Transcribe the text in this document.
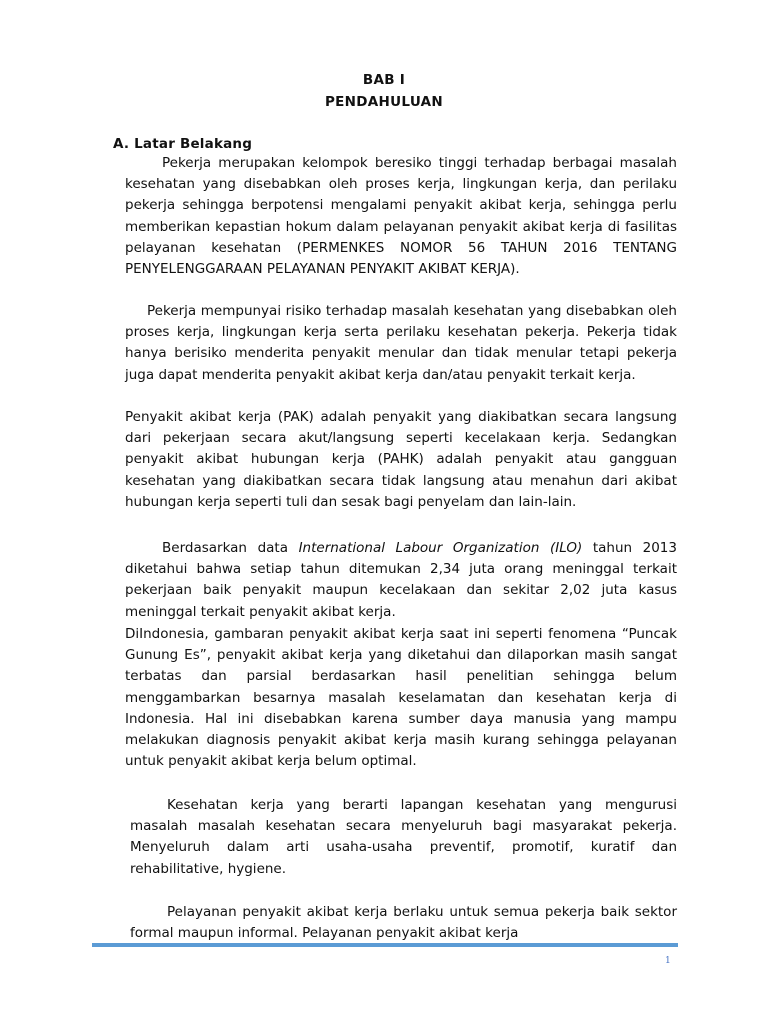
BAB I
PENDAHULUAN
A. Latar Belakang

Pekerja merupakan kelompok beresiko tinggi terhadap berbagai masalah kesehatan yang disebabkan oleh proses kerja, lingkungan kerja, dan perilaku pekerja sehingga berpotensi mengalami penyakit akibat kerja, sehingga perlu memberikan kepastian hokum dalam pelayanan penyakit akibat kerja di fasilitas pelayanan kesehatan (PERMENKES NOMOR 56 TAHUN 2016 TENTANG PENYELENGGARAAN PELAYANAN PENYAKIT AKIBAT KERJA).

Pekerja mempunyai risiko terhadap masalah kesehatan yang disebabkan oleh proses kerja, lingkungan kerja serta perilaku kesehatan pekerja. Pekerja tidak hanya berisiko menderita penyakit menular dan tidak menular tetapi pekerja juga dapat menderita penyakit akibat kerja dan/atau penyakit terkait kerja.

Penyakit akibat kerja (PAK) adalah penyakit yang diakibatkan secara langsung dari pekerjaan secara akut/langsung seperti kecelakaan kerja. Sedangkan penyakit akibat hubungan kerja (PAHK) adalah penyakit atau gangguan kesehatan yang diakibatkan secara tidak langsung atau menahun dari akibat hubungan kerja seperti tuli dan sesak bagi penyelam dan lain-lain.

Berdasarkan data International Labour Organization (ILO) tahun 2013 diketahui bahwa setiap tahun ditemukan 2,34 juta orang meninggal terkait pekerjaan baik penyakit maupun kecelakaan dan sekitar 2,02 juta kasus meninggal terkait penyakit akibat kerja.

DiIndonesia, gambaran penyakit akibat kerja saat ini seperti fenomena “Puncak Gunung Es”, penyakit akibat kerja yang diketahui dan dilaporkan masih sangat terbatas dan parsial berdasarkan hasil penelitian sehingga belum menggambarkan besarnya masalah keselamatan dan kesehatan kerja di Indonesia. Hal ini disebabkan karena sumber daya manusia yang mampu melakukan diagnosis penyakit akibat kerja masih kurang sehingga pelayanan untuk penyakit akibat kerja belum optimal.

Kesehatan kerja yang berarti lapangan kesehatan yang mengurusi masalah masalah kesehatan secara menyeluruh bagi masyarakat pekerja. Menyeluruh dalam arti usaha-usaha preventif, promotif, kuratif dan rehabilitative, hygiene.

Pelayanan penyakit akibat kerja berlaku untuk semua pekerja baik sektor formal maupun informal. Pelayanan penyakit akibat kerja

1
